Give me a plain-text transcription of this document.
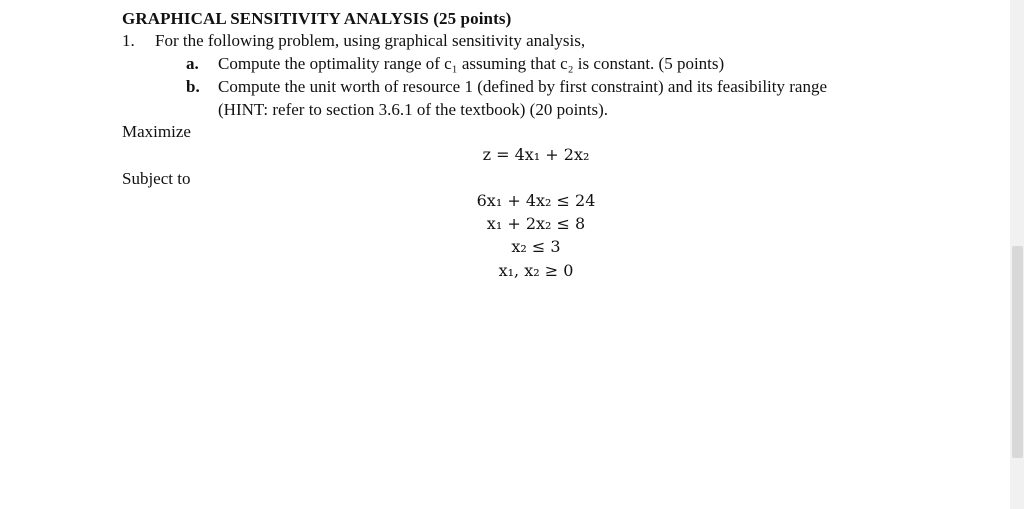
GRAPHICAL SENSITIVITY ANALYSIS (25 points)
1. For the following problem, using graphical sensitivity analysis,
a. Compute the optimality range of c₁ assuming that c₂ is constant. (5 points)
b. Compute the unit worth of resource 1 (defined by first constraint) and its feasibility range
(HINT: refer to section 3.6.1 of the textbook) (20 points).
Maximize
z = 4x₁ + 2x₂
Subject to
6x₁ + 4x₂ ≤ 24
x₁ + 2x₂ ≤ 8
x₂ ≤ 3
x₁, x₂ ≥ 0
